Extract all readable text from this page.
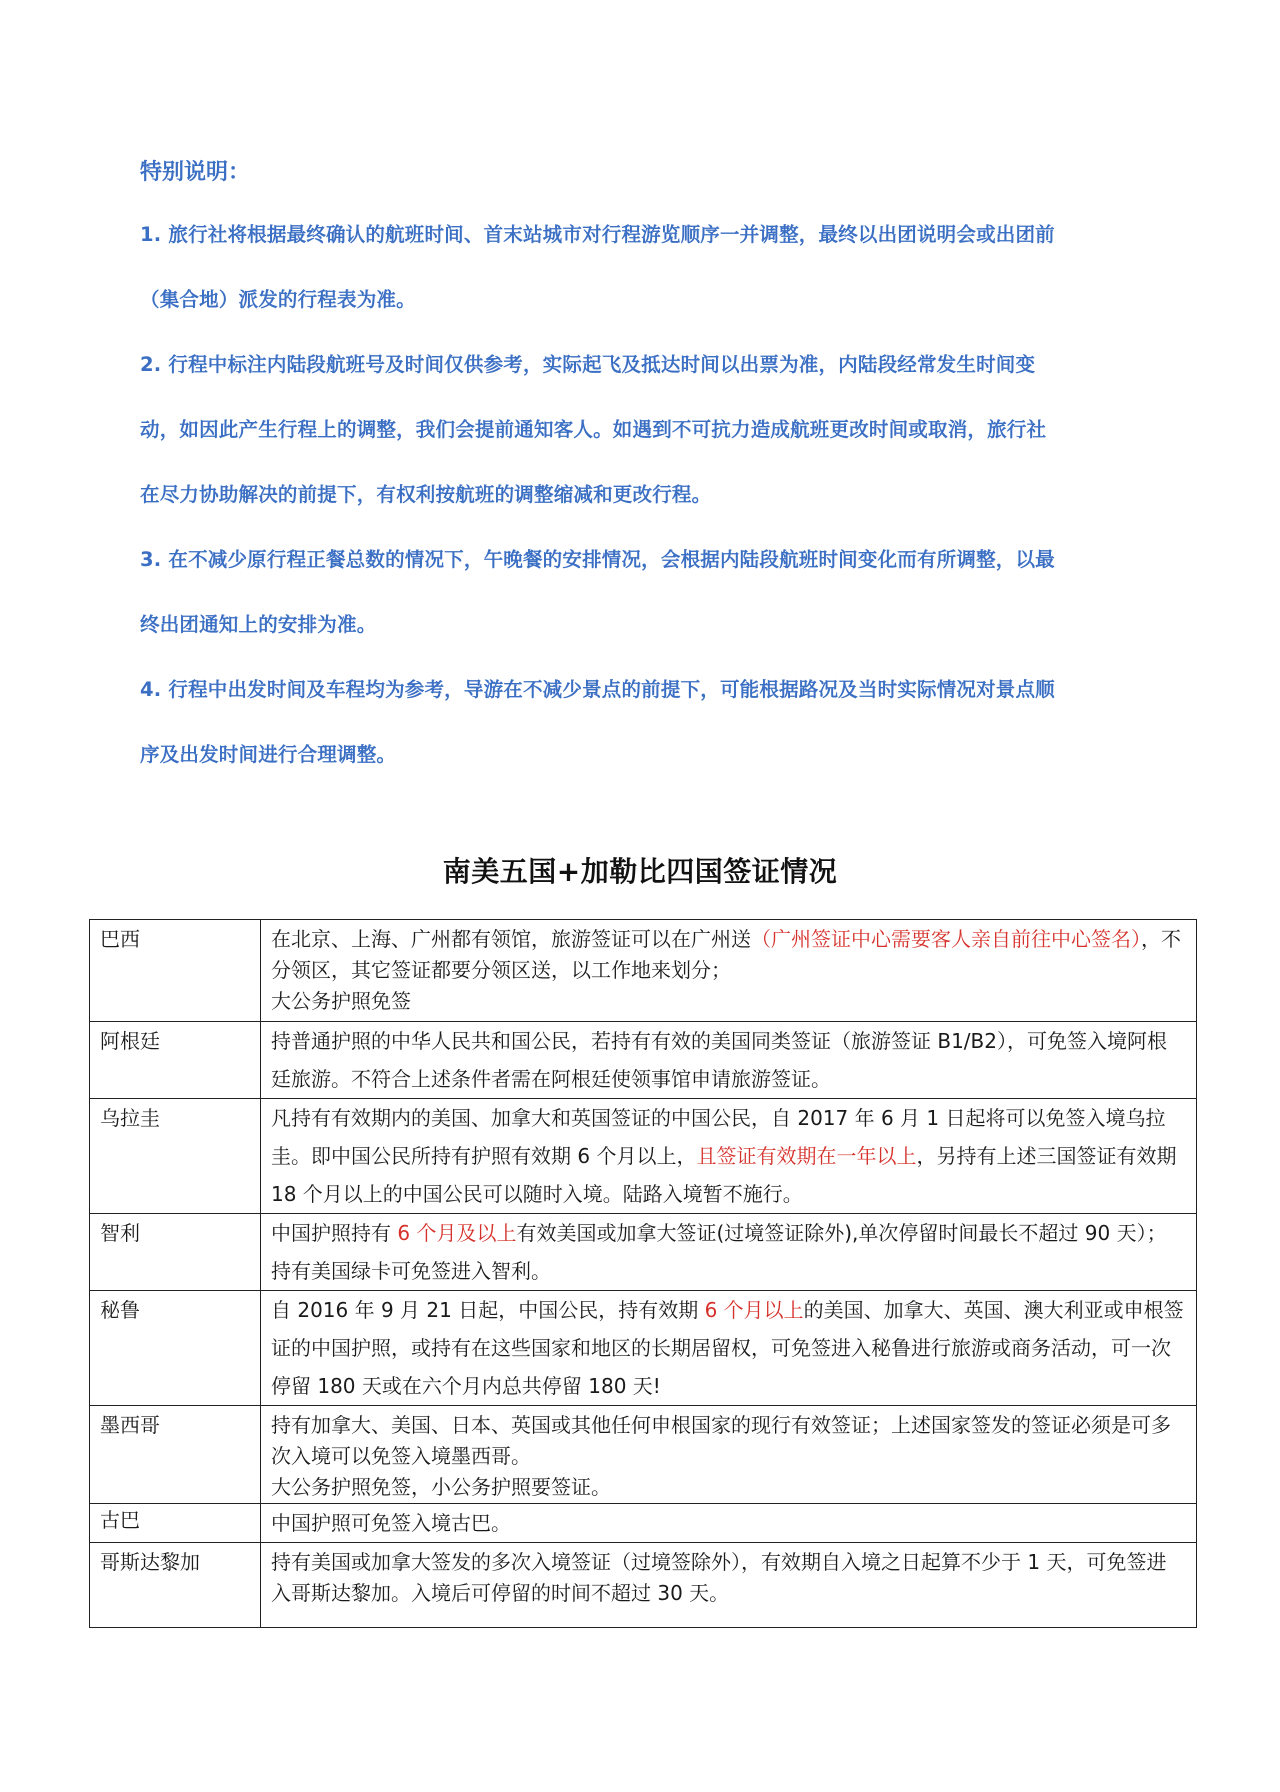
特别说明：
1. 旅行社将根据最终确认的航班时间、首末站城市对行程游览顺序一并调整，最终以出团说明会或出团前
（集合地）派发的行程表为准。
2. 行程中标注内陆段航班号及时间仅供参考，实际起飞及抵达时间以出票为准，内陆段经常发生时间变
动，如因此产生行程上的调整，我们会提前通知客人。如遇到不可抗力造成航班更改时间或取消，旅行社
在尽力协助解决的前提下，有权利按航班的调整缩减和更改行程。
3. 在不减少原行程正餐总数的情况下，午晚餐的安排情况，会根据内陆段航班时间变化而有所调整，以最
终出团通知上的安排为准。
4. 行程中出发时间及车程均为参考，导游在不减少景点的前提下，可能根据路况及当时实际情况对景点顺
序及出发时间进行合理调整。
南美五国+加勒比四国签证情况
巴西	在北京、上海、广州都有领馆，旅游签证可以在广州送（广州签证中心需要客人亲自前往中心签名），不分领区，其它签证都要分领区送，以工作地来划分；
大公务护照免签
阿根廷	持普通护照的中华人民共和国公民，若持有有效的美国同类签证（旅游签证 B1/B2），可免签入境阿根廷旅游。不符合上述条件者需在阿根廷使领事馆申请旅游签证。
乌拉圭	凡持有有效期内的美国、加拿大和英国签证的中国公民，自 2017 年 6 月 1 日起将可以免签入境乌拉圭。即中国公民所持有护照有效期 6 个月以上，且签证有效期在一年以上，另持有上述三国签证有效期 18 个月以上的中国公民可以随时入境。陆路入境暂不施行。
智利	中国护照持有 6 个月及以上有效美国或加拿大签证(过境签证除外),单次停留时间最长不超过 90 天）；持有美国绿卡可免签进入智利。
秘鲁	自 2016 年 9 月 21 日起，中国公民，持有效期 6 个月以上的美国、加拿大、英国、澳大利亚或申根签证的中国护照，或持有在这些国家和地区的长期居留权，可免签进入秘鲁进行旅游或商务活动，可一次停留 180 天或在六个月内总共停留 180 天!
墨西哥	持有加拿大、美国、日本、英国或其他任何申根国家的现行有效签证；上述国家签发的签证必须是可多次入境可以免签入境墨西哥。
大公务护照免签，小公务护照要签证。
古巴	中国护照可免签入境古巴。
哥斯达黎加	持有美国或加拿大签发的多次入境签证（过境签除外），有效期自入境之日起算不少于 1 天，可免签进入哥斯达黎加。入境后可停留的时间不超过 30 天。
